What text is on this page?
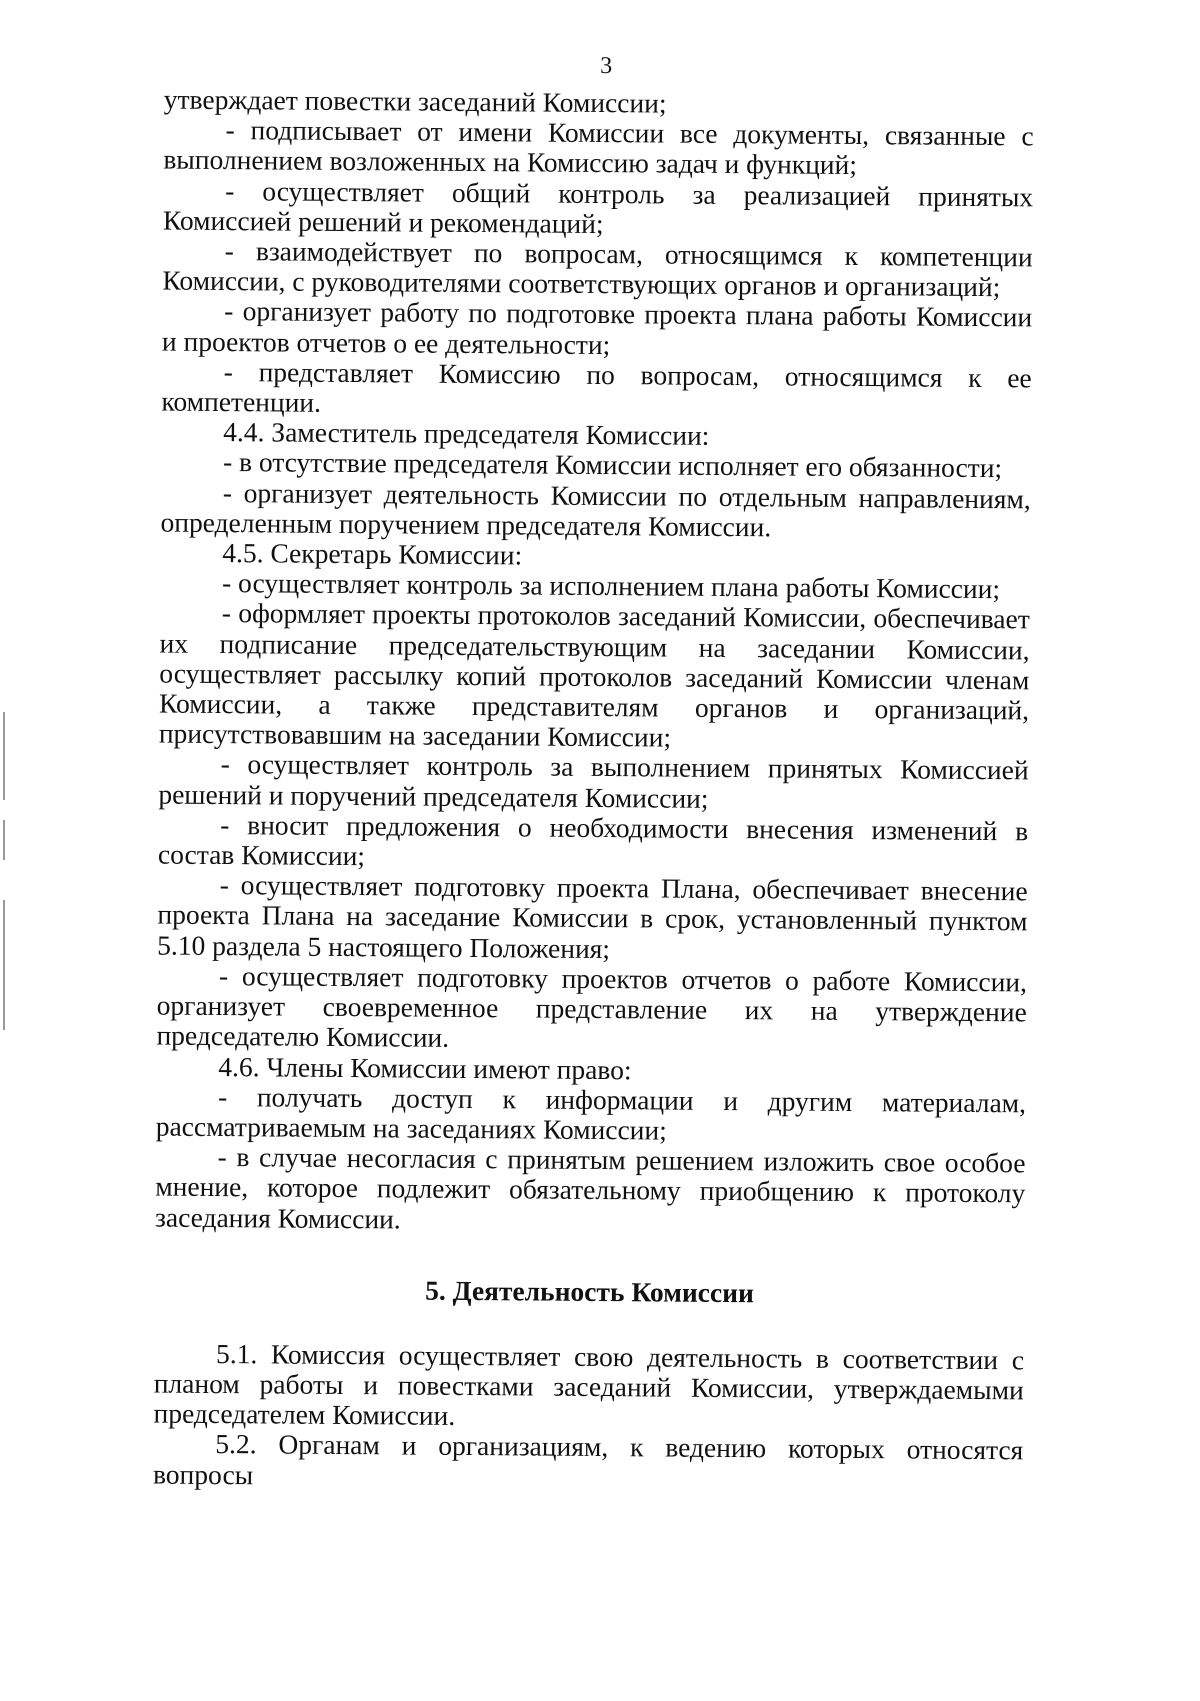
3

утверждает повестки заседаний Комиссии;

- подписывает от имени Комиссии все документы, связанные с выполнением возложенных на Комиссию задач и функций;

- осуществляет общий контроль за реализацией принятых Комиссией решений и рекомендаций;

- взаимодействует по вопросам, относящимся к компетенции Комиссии, с руководителями соответствующих органов и организаций;

- организует работу по подготовке проекта плана работы Комиссии и проектов отчетов о ее деятельности;

- представляет Комиссию по вопросам, относящимся к ее компетенции.

4.4. Заместитель председателя Комиссии:

- в отсутствие председателя Комиссии исполняет его обязанности;

- организует деятельность Комиссии по отдельным направлениям, определенным поручением председателя Комиссии.

4.5. Секретарь Комиссии:

- осуществляет контроль за исполнением плана работы Комиссии;

- оформляет проекты протоколов заседаний Комиссии, обеспечивает их подписание председательствующим на заседании Комиссии, осуществляет рассылку копий протоколов заседаний Комиссии членам Комиссии, а также представителям органов и организаций, присутствовавшим на заседании Комиссии;

- осуществляет контроль за выполнением принятых Комиссией решений и поручений председателя Комиссии;

- вносит предложения о необходимости внесения изменений в состав Комиссии;

- осуществляет подготовку проекта Плана, обеспечивает внесение проекта Плана на заседание Комиссии в срок, установленный пунктом 5.10 раздела 5 настоящего Положения;

- осуществляет подготовку проектов отчетов о работе Комиссии, организует своевременное представление их на утверждение председателю Комиссии.

4.6. Члены Комиссии имеют право:

- получать доступ к информации и другим материалам, рассматриваемым на заседаниях Комиссии;

- в случае несогласия с принятым решением изложить свое особое мнение, которое подлежит обязательному приобщению к протоколу заседания Комиссии.

5. Деятельность Комиссии

5.1. Комиссия осуществляет свою деятельность в соответствии с планом работы и повестками заседаний Комиссии, утверждаемыми председателем Комиссии.

5.2. Органам и организациям, к ведению которых относятся вопросы
